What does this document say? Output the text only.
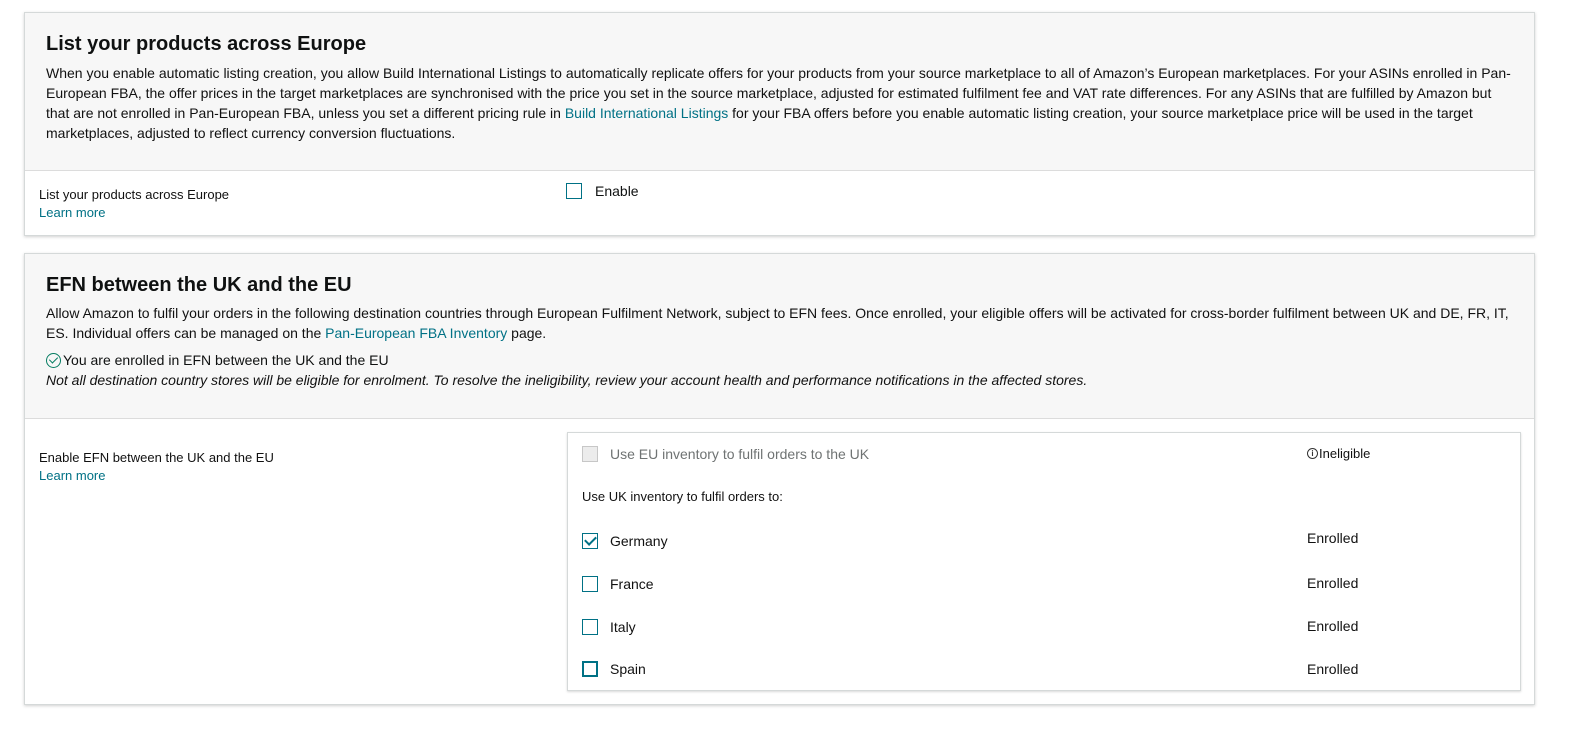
List your products across Europe
When you enable automatic listing creation, you allow Build International Listings to automatically replicate offers for your products from your source marketplace to all of Amazon’s European marketplaces. For your ASINs enrolled in Pan-European FBA, the offer prices in the target marketplaces are synchronised with the price you set in the source marketplace, adjusted for estimated fulfilment fee and VAT rate differences. For any ASINs that are fulfilled by Amazon but that are not enrolled in Pan-European FBA, unless you set a different pricing rule in Build International Listings for your FBA offers before you enable automatic listing creation, your source marketplace price will be used in the target marketplaces, adjusted to reflect currency conversion fluctuations.
List your products across Europe
Learn more
Enable
EFN between the UK and the EU
Allow Amazon to fulfil your orders in the following destination countries through European Fulfilment Network, subject to EFN fees. Once enrolled, your eligible offers will be activated for cross-border fulfilment between UK and DE, FR, IT, ES. Individual offers can be managed on the Pan-European FBA Inventory page.
You are enrolled in EFN between the UK and the EU
Not all destination country stores will be eligible for enrolment. To resolve the ineligibility, review your account health and performance notifications in the affected stores.
Enable EFN between the UK and the EU
Learn more
Use EU inventory to fulfil orders to the UK	i Ineligible
Use UK inventory to fulfil orders to:
Germany	Enrolled
France	Enrolled
Italy	Enrolled
Spain	Enrolled
